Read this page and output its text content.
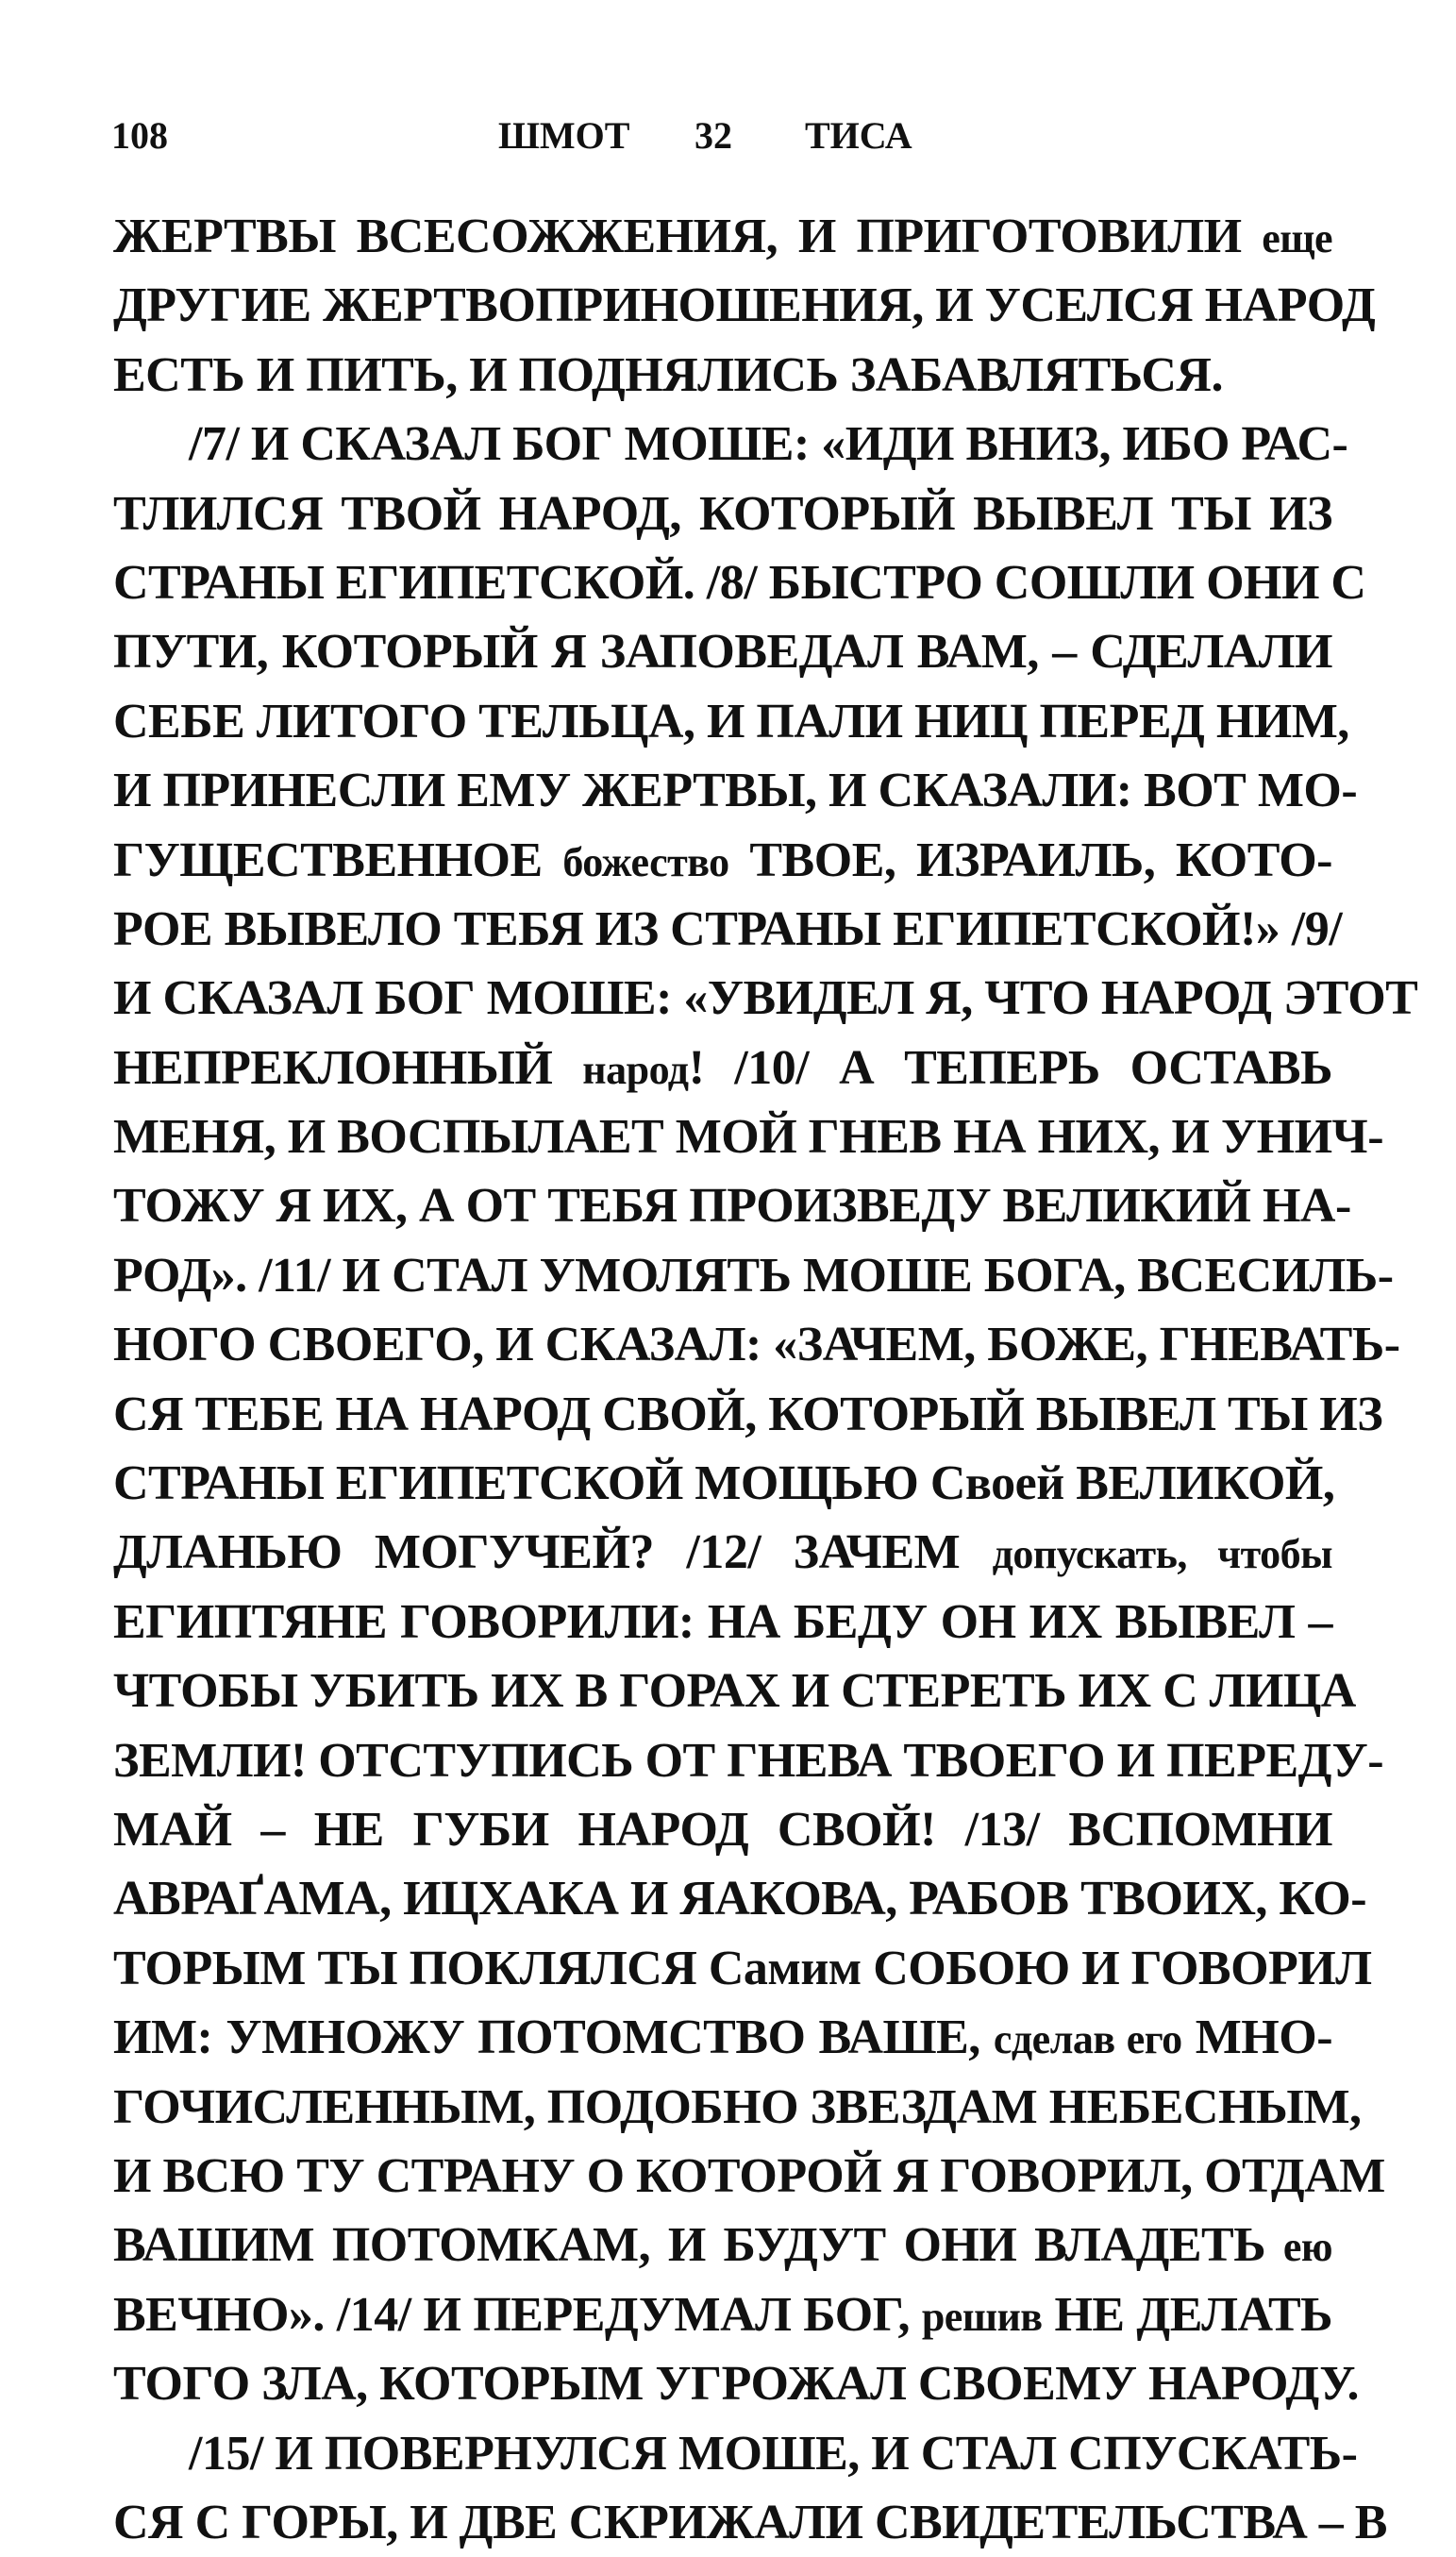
108	ШМОТ 32 ТИСА
ЖЕРТВЫ ВСЕСОЖЖЕНИЯ, И ПРИГОТОВИЛИ еще
ДРУГИЕ ЖЕРТВОПРИНОШЕНИЯ, И УСЕЛСЯ НАРОД
ЕСТЬ И ПИТЬ, И ПОДНЯЛИСЬ ЗАБАВЛЯТЬСЯ.
/7/ И СКАЗАЛ БОГ МОШЕ: «ИДИ ВНИЗ, ИБО РАС-
ТЛИЛСЯ ТВОЙ НАРОД, КОТОРЫЙ ВЫВЕЛ ТЫ ИЗ
СТРАНЫ ЕГИПЕТСКОЙ. /8/ БЫСТРО СОШЛИ ОНИ С
ПУТИ, КОТОРЫЙ Я ЗАПОВЕДАЛ ВАМ, – СДЕЛАЛИ
СЕБЕ ЛИТОГО ТЕЛЬЦА, И ПАЛИ НИЦ ПЕРЕД НИМ,
И ПРИНЕСЛИ ЕМУ ЖЕРТВЫ, И СКАЗАЛИ: ВОТ МО-
ГУЩЕСТВЕННОЕ божество ТВОЕ, ИЗРАИЛЬ, КОТО-
РОЕ ВЫВЕЛО ТЕБЯ ИЗ СТРАНЫ ЕГИПЕТСКОЙ!» /9/
И СКАЗАЛ БОГ МОШЕ: «УВИДЕЛ Я, ЧТО НАРОД ЭТОТ
НЕПРЕКЛОННЫЙ народ! /10/ А ТЕПЕРЬ ОСТАВЬ
МЕНЯ, И ВОСПЫЛАЕТ МОЙ ГНЕВ НА НИХ, И УНИЧ-
ТОЖУ Я ИХ, А ОТ ТЕБЯ ПРОИЗВЕДУ ВЕЛИКИЙ НА-
РОД». /11/ И СТАЛ УМОЛЯТЬ МОШЕ БОГА, ВСЕСИЛЬ-
НОГО СВОЕГО, И СКАЗАЛ: «ЗАЧЕМ, БОЖЕ, ГНЕВАТЬ-
СЯ ТЕБЕ НА НАРОД СВОЙ, КОТОРЫЙ ВЫВЕЛ ТЫ ИЗ
СТРАНЫ ЕГИПЕТСКОЙ МОЩЬЮ Своей ВЕЛИКОЙ,
ДЛАНЬЮ МОГУЧЕЙ? /12/ ЗАЧЕМ допускать, чтобы
ЕГИПТЯНЕ ГОВОРИЛИ: НА БЕДУ ОН ИХ ВЫВЕЛ –
ЧТОБЫ УБИТЬ ИХ В ГОРАХ И СТЕРЕТЬ ИХ С ЛИЦА
ЗЕМЛИ! ОТСТУПИСЬ ОТ ГНЕВА ТВОЕГО И ПЕРЕДУ-
МАЙ – НЕ ГУБИ НАРОД СВОЙ! /13/ ВСПОМНИ
АВРАҐАМА, ИЦХАКА И ЯАКОВА, РАБОВ ТВОИХ, КО-
ТОРЫМ ТЫ ПОКЛЯЛСЯ Самим СОБОЮ И ГОВОРИЛ
ИМ: УМНОЖУ ПОТОМСТВО ВАШЕ, сделав его МНО-
ГОЧИСЛЕННЫМ, ПОДОБНО ЗВЕЗДАМ НЕБЕСНЫМ,
И ВСЮ ТУ СТРАНУ О КОТОРОЙ Я ГОВОРИЛ, ОТДАМ
ВАШИМ ПОТОМКАМ, И БУДУТ ОНИ ВЛАДЕТЬ ею
ВЕЧНО». /14/ И ПЕРЕДУМАЛ БОГ, решив НЕ ДЕЛАТЬ
ТОГО ЗЛА, КОТОРЫМ УГРОЖАЛ СВОЕМУ НАРОДУ.
/15/ И ПОВЕРНУЛСЯ МОШЕ, И СТАЛ СПУСКАТЬ-
СЯ С ГОРЫ, И ДВЕ СКРИЖАЛИ СВИДЕТЕЛЬСТВА – В
